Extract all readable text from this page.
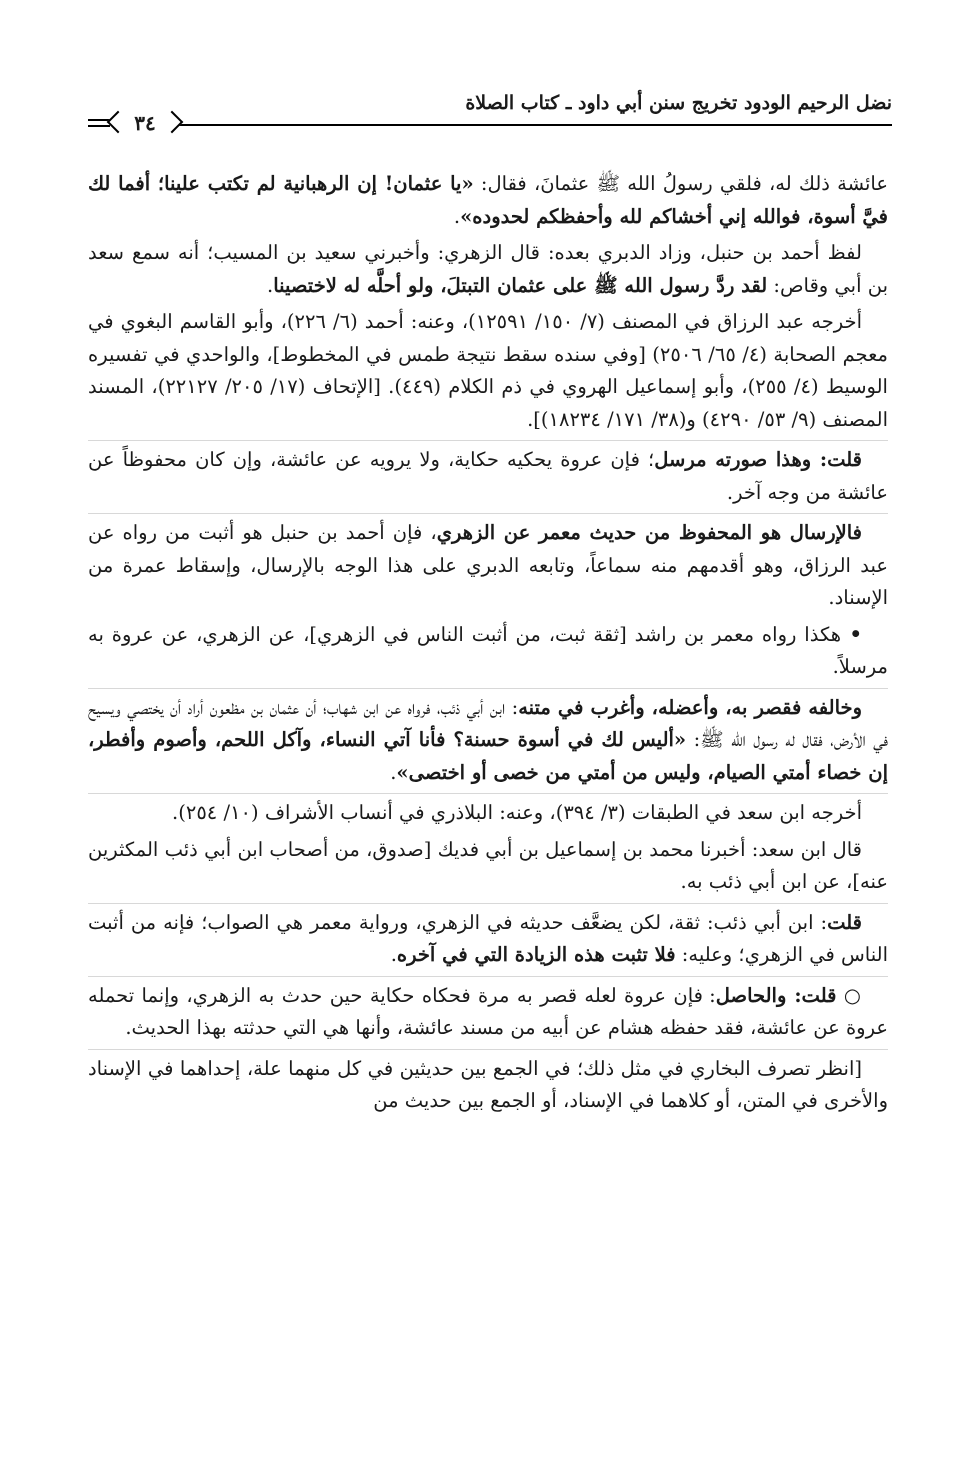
٣٤
نضل الرحيم الودود تخريج سنن أبي داود ـ كتاب الصلاة

عائشة ذلك له، فلقي رسولُ الله ﷺ عثمانَ، فقال: «يا عثمان! إن الرهبانية لم تكتب علينا؛ أفما لك فيَّ أسوة، فوالله إني أخشاكم لله وأحفظكم لحدوده».

لفظ أحمد بن حنبل، وزاد الدبري بعده: قال الزهري: وأخبرني سعيد بن المسيب؛ أنه سمع سعد بن أبي وقاص: لقد ردَّ رسول الله ﷺ على عثمان التبتلَ، ولو أحلَّه له لاختصينا.

أخرجه عبد الرزاق في المصنف (٧/ ١٥٠/ ١٢٥٩١)، وعنه: أحمد (٦/ ٢٢٦)، وأبو القاسم البغوي في معجم الصحابة (٤/ ٦٥/ ٢٥٠٦) [وفي سنده سقط نتيجة طمس في المخطوط]، والواحدي في تفسيره الوسيط (٤/ ٢٥٥)، وأبو إسماعيل الهروي في ذم الكلام (٤٤٩). [الإتحاف (١٧/ ٢٠٥/ ٢٢١٢٧)، المسند المصنف (٩/ ٥٣/ ٤٢٩٠) و(٣٨/ ١٧١/ ١٨٢٣٤)].

قلت: وهذا صورته مرسل؛ فإن عروة يحكيه حكاية، ولا يرويه عن عائشة، وإن كان محفوظاً عن عائشة من وجه آخر.

فالإرسال هو المحفوظ من حديث معمر عن الزهري، فإن أحمد بن حنبل هو أثبت من رواه عن عبد الرزاق، وهو أقدمهم منه سماعاً، وتابعه الدبري على هذا الوجه بالإرسال، وإسقاط عمرة من الإسناد.

• هكذا رواه معمر بن راشد [ثقة ثبت، من أثبت الناس في الزهري]، عن الزهري، عن عروة به مرسلاً.

وخالفه فقصر به، وأعضله، وأغرب في متنه: ابن أبي ذئب، فرواه عن ابن شهاب؛ أن عثمان بن مظعون أراد أن يختصي ويسيح في الأرض، فقال له رسول الله ﷺ: «أليس لك في أسوة حسنة؟ فأنا آتي النساء، وآكل اللحم، وأصوم وأفطر، إن خصاء أمتي الصيام، وليس من أمتي من خصى أو اختصى».

أخرجه ابن سعد في الطبقات (٣/ ٣٩٤)، وعنه: البلاذري في أنساب الأشراف (١٠/ ٢٥٤).

قال ابن سعد: أخبرنا محمد بن إسماعيل بن أبي فديك [صدوق، من أصحاب ابن أبي ذئب المكثرين عنه]، عن ابن أبي ذئب به.

قلت: ابن أبي ذئب: ثقة، لكن يضعَّف حديثه في الزهري، ورواية معمر هي الصواب؛ فإنه من أثبت الناس في الزهري؛ وعليه: فلا تثبت هذه الزيادة التي في آخره.

○ قلت: والحاصل: فإن عروة لعله قصر به مرة فحكاه حكاية حين حدث به الزهري، وإنما تحمله عروة عن عائشة، فقد حفظه هشام عن أبيه من مسند عائشة، وأنها هي التي حدثته بهذا الحديث.

[انظر تصرف البخاري في مثل ذلك؛ في الجمع بين حديثين في كل منهما علة، إحداهما في الإسناد والأخرى في المتن، أو كلاهما في الإسناد، أو الجمع بين حديث من
